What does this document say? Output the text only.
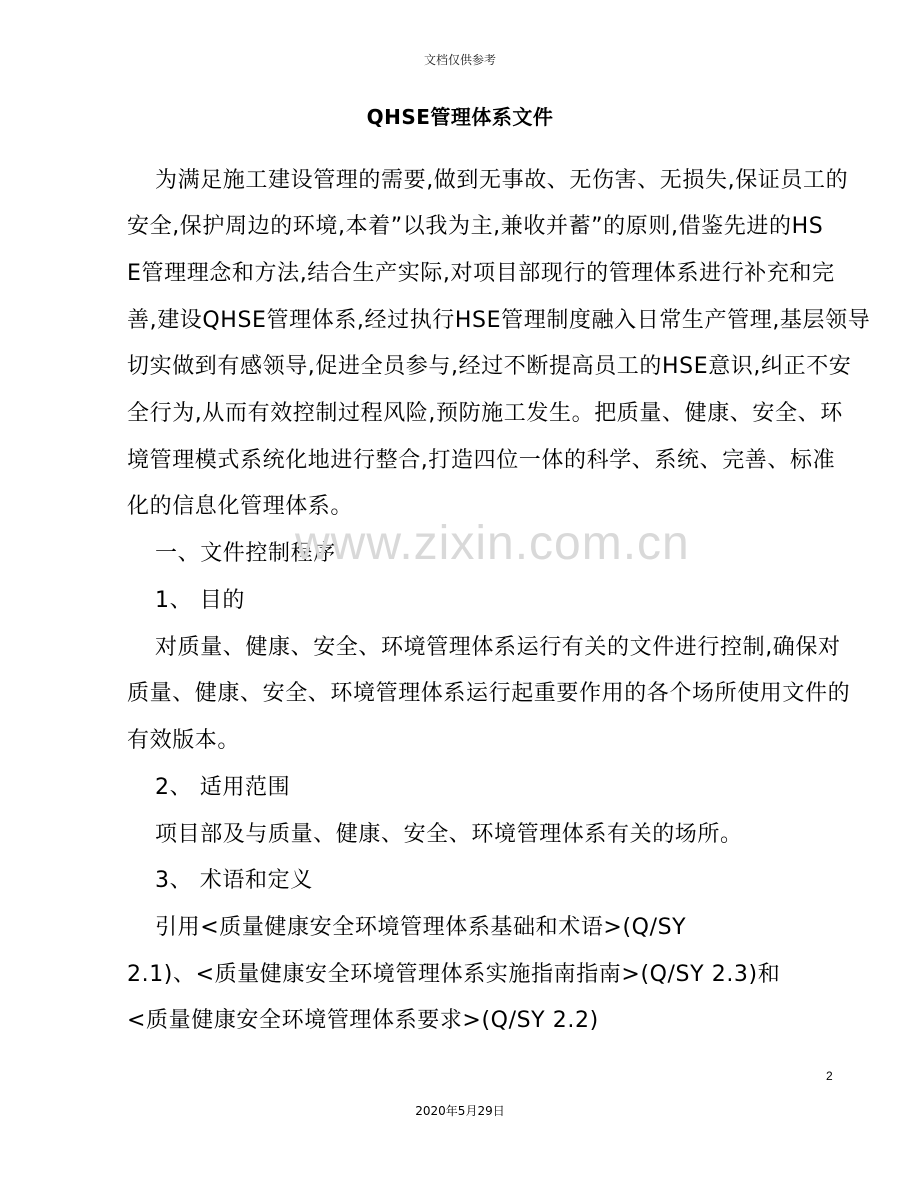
文档仅供参考
QHSE管理体系文件
为满足施工建设管理的需要,做到无事故、无伤害、无损失,保证员工的
安全,保护周边的环境,本着”以我为主,兼收并蓄”的原则,借鉴先进的HS
E管理理念和方法,结合生产实际,对项目部现行的管理体系进行补充和完
善,建设QHSE管理体系,经过执行HSE管理制度融入日常生产管理,基层领导
切实做到有感领导,促进全员参与,经过不断提高员工的HSE意识,纠正不安
全行为,从而有效控制过程风险,预防施工发生。把质量、健康、安全、环
境管理模式系统化地进行整合,打造四位一体的科学、系统、完善、标准
化的信息化管理体系。
一、文件控制程序
1、 目的
对质量、健康、安全、环境管理体系运行有关的文件进行控制,确保对
质量、健康、安全、环境管理体系运行起重要作用的各个场所使用文件的
有效版本。
2、 适用范围
项目部及与质量、健康、安全、环境管理体系有关的场所。
3、 术语和定义
引用<质量健康安全环境管理体系基础和术语>(Q/SY
2.1)、<质量健康安全环境管理体系实施指南指南>(Q/SY 2.3)和
<质量健康安全环境管理体系要求>(Q/SY 2.2)
www.zixin.com.cn
2
2020年5月29日
